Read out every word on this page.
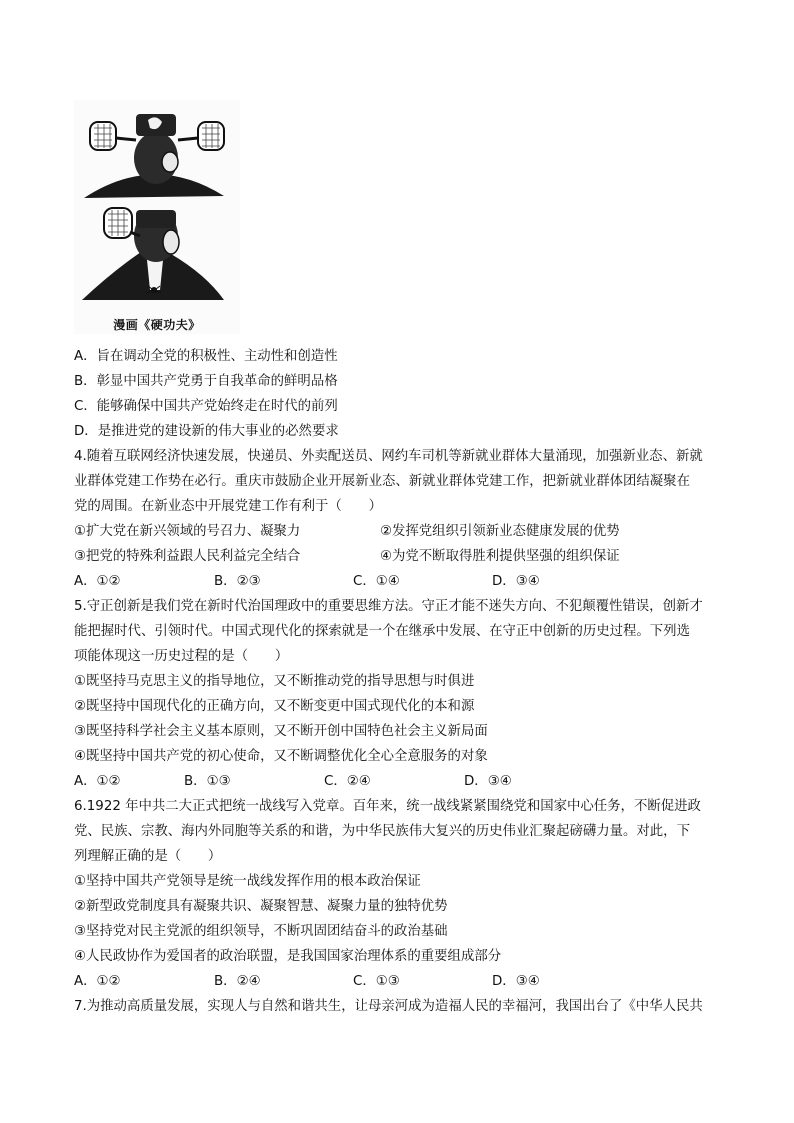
漫画《硬功夫》
A．旨在调动全党的积极性、主动性和创造性
B．彰显中国共产党勇于自我革命的鲜明品格
C．能够确保中国共产党始终走在时代的前列
D．是推进党的建设新的伟大事业的必然要求
4.随着互联网经济快速发展，快递员、外卖配送员、网约车司机等新就业群体大量涌现，加强新业态、新就
业群体党建工作势在必行。重庆市鼓励企业开展新业态、新就业群体党建工作，把新就业群体团结凝聚在
党的周围。在新业态中开展党建工作有利于（　　）
①扩大党在新兴领域的号召力、凝聚力	②发挥党组织引领新业态健康发展的优势
③把党的特殊利益跟人民利益完全结合	④为党不断取得胜利提供坚强的组织保证
A．①②	B．②③	C．①④	D．③④
5.守正创新是我们党在新时代治国理政中的重要思维方法。守正才能不迷失方向、不犯颠覆性错误，创新才
能把握时代、引领时代。中国式现代化的探索就是一个在继承中发展、在守正中创新的历史过程。下列选
项能体现这一历史过程的是（　　）
①既坚持马克思主义的指导地位，又不断推动党的指导思想与时俱进
②既坚持中国现代化的正确方向，又不断变更中国式现代化的本和源
③既坚持科学社会主义基本原则，又不断开创中国特色社会主义新局面
④既坚持中国共产党的初心使命，又不断调整优化全心全意服务的对象
A．①②	B．①③	C．②④	D．③④
6.1922 年中共二大正式把统一战线写入党章。百年来，统一战线紧紧围绕党和国家中心任务，不断促进政
党、民族、宗教、海内外同胞等关系的和谐，为中华民族伟大复兴的历史伟业汇聚起磅礴力量。对此，下
列理解正确的是（　　）
①坚持中国共产党领导是统一战线发挥作用的根本政治保证
②新型政党制度具有凝聚共识、凝聚智慧、凝聚力量的独特优势
③坚持党对民主党派的组织领导，不断巩固团结奋斗的政治基础
④人民政协作为爱国者的政治联盟，是我国国家治理体系的重要组成部分
A．①②	B．②④	C．①③	D．③④
7.为推动高质量发展，实现人与自然和谐共生，让母亲河成为造福人民的幸福河，我国出台了《中华人民共
